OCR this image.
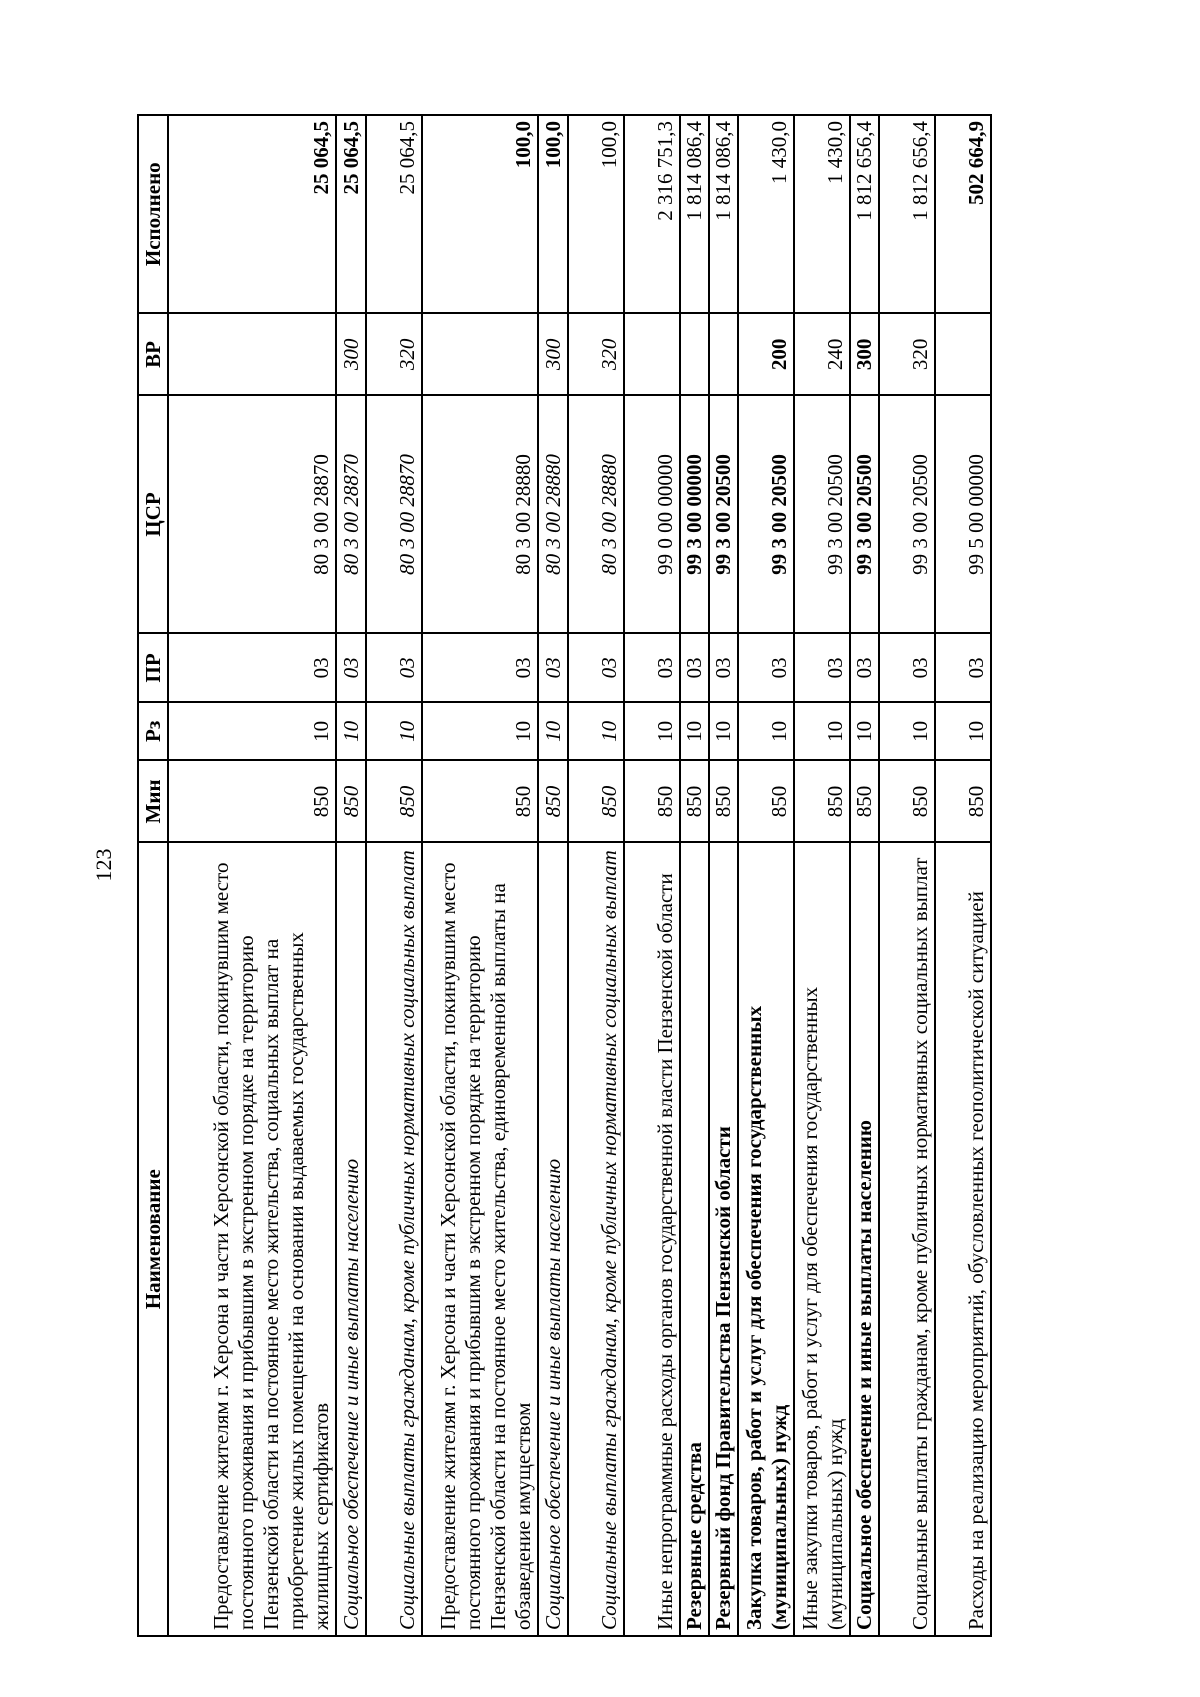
123
Наименование	Мин	Рз	ПР	ЦСР	ВР	Исполнено
Предоставление жителям г. Херсона и части Херсонской области, покинувшим место постоянного проживания и прибывшим в экстренном порядке на территорию Пензенской области на постоянное место жительства, социальных выплат на приобретение жилых помещений на основании выдаваемых государственных жилищных сертификатов	850	10	03	80 3 00 28870		25 064,5
Социальное обеспечение и иные выплаты населению	850	10	03	80 3 00 28870	300	25 064,5
Социальные выплаты гражданам, кроме публичных нормативных социальных выплат	850	10	03	80 3 00 28870	320	25 064,5
Предоставление жителям г. Херсона и части Херсонской области, покинувшим место постоянного проживания и прибывшим в экстренном порядке на территорию Пензенской области на постоянное место жительства, единовременной выплаты на обзаведение имуществом	850	10	03	80 3 00 28880		100,0
Социальное обеспечение и иные выплаты населению	850	10	03	80 3 00 28880	300	100,0
Социальные выплаты гражданам, кроме публичных нормативных социальных выплат	850	10	03	80 3 00 28880	320	100,0
Иные непрограммные расходы органов государственной власти Пензенской области	850	10	03	99 0 00 00000		2 316 751,3
Резервные средства	850	10	03	99 3 00 00000		1 814 086,4
Резервный фонд Правительства Пензенской области	850	10	03	99 3 00 20500		1 814 086,4
Закупка товаров, работ и услуг для обеспечения государственных (муниципальных) нужд	850	10	03	99 3 00 20500	200	1 430,0
Иные закупки товаров, работ и услуг для обеспечения государственных (муниципальных) нужд	850	10	03	99 3 00 20500	240	1 430,0
Социальное обеспечение и иные выплаты населению	850	10	03	99 3 00 20500	300	1 812 656,4
Социальные выплаты гражданам, кроме публичных нормативных социальных выплат	850	10	03	99 3 00 20500	320	1 812 656,4
Расходы на реализацию мероприятий, обусловленных геополитической ситуацией	850	10	03	99 5 00 00000		502 664,9
